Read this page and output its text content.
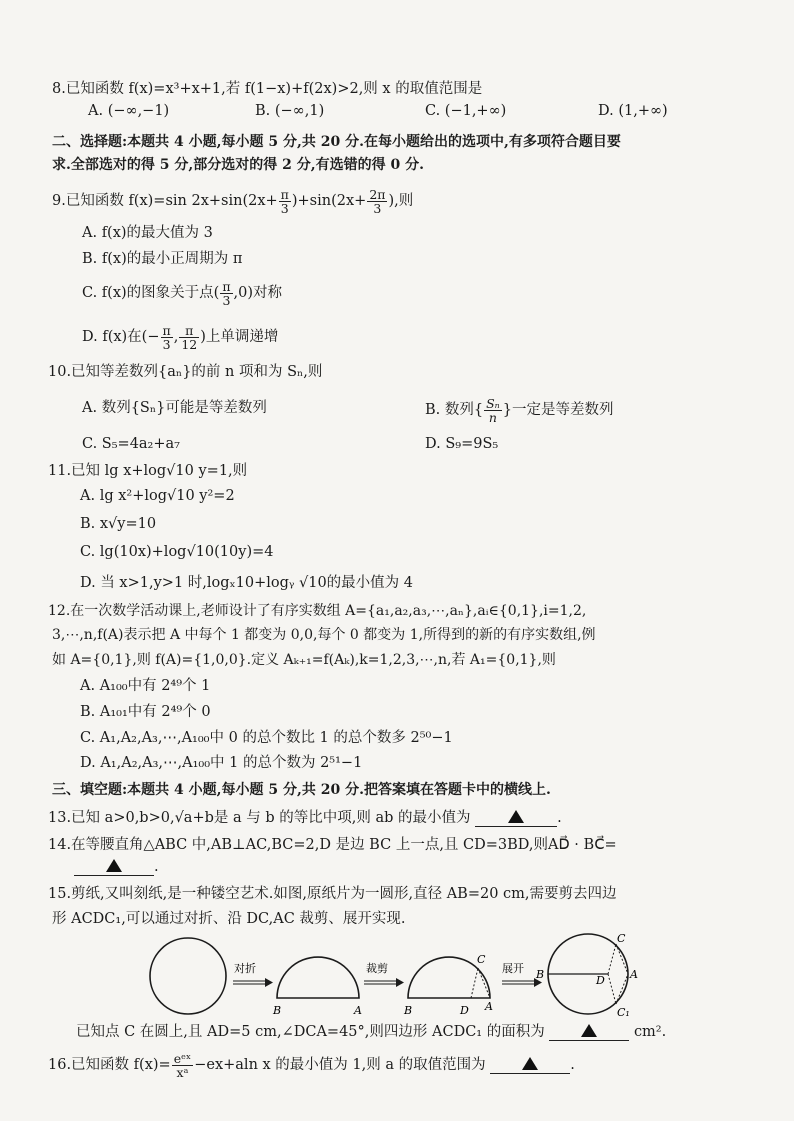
8.已知函数 f(x)=x³+x+1,若 f(1−x)+f(2x)>2,则 x 的取值范围是
A. (−∞,−1)	B. (−∞,1)	C. (−1,+∞)	D. (1,+∞)
二、选择题:本题共 4 小题,每小题 5 分,共 20 分.在每小题给出的选项中,有多项符合题目要
求.全部选对的得 5 分,部分选对的得 2 分,有选错的得 0 分.
9.已知函数 f(x)=sin $2x+\sin(2x+ \frac{\pi}{3} )+\sin(2x+ \frac{2\pi}{3}$ ),则
A. f(x)的最大值为 3
B. f(x)的最小正周期为 π
C. f(x)的图象关于点( $\frac{\pi}{3} ,0$)对称
D. f(x)在(− $\frac{\pi}{3}$ , $\frac{\pi}{12}$ )上单调递增
10.已知等差数列{aₙ}的前 n 项和为 Sₙ,则
A. 数列{Sₙ}可能是等差数列	B. 数列{ $\frac{\text{Sₙ}}{n}$ }一定是等差数列
C. S₅=4a₂+a₇	D. S₉=9S₅
11.已知 lg x+log√10 y=1,则
A. lg x²+log√10 y²=2
B. x√y=10
C. lg(10x)+log√10(10y)=4
D. 当 x>1,y>1 时,logₓ10+logᵧ √10的最小值为 4
12.在一次数学活动课上,老师设计了有序实数组 A={a₁,a₂,a₃,⋯,aₙ},aᵢ∈{0,1},i=1,2,
3,⋯,n,f(A)表示把 A 中每个 1 都变为 0,0,每个 0 都变为 1,所得到的新的有序实数组,例
如 A={0,1},则 f(A)={1,0,0}.定义 Aₖ₊₁=f(Aₖ),k=1,2,3,⋯,n,若 A₁={0,1},则
A. A₁₀₀中有 2⁴⁹个 1
B. A₁₀₁中有 2⁴⁹个 0
C. A₁,A₂,A₃,⋯,A₁₀₀中 0 的总个数比 1 的总个数多 2⁵⁰−1
D. A₁,A₂,A₃,⋯,A₁₀₀中 1 的总个数为 2⁵¹−1
三、填空题:本题共 4 小题,每小题 5 分,共 20 分.把答案填在答题卡中的横线上.
13.已知 a>0,b>0,√a+b是 a 与 b 的等比中项,则 ab 的最小值为	.
14.在等腰直角△ABC 中,AB⊥AC,BC=2,D 是边 BC 上一点,且 CD=3BD,则AD⃗ · BC⃗=
.
15.剪纸,又叫刻纸,是一种镂空艺术.如图,原纸片为一圆形,直径 AB=20 cm,需要剪去四边
形 ACDC₁,可以通过对折、沿 DC,AC 裁剪、展开实现.
对折
B	A
裁剪
B	D
C
A
展开 B	D
C
A
C₁
已知点 C 在圆上,且 AD=5 cm,∠DCA=45°,则四边形 ACDC₁ 的面积为	cm².
16.已知函数 $f(x)= \frac{\text{eᵉˣ}}{\text{xᵃ}} -ex+aln$ x 的最小值为 1,则 a 的取值范围为	.
